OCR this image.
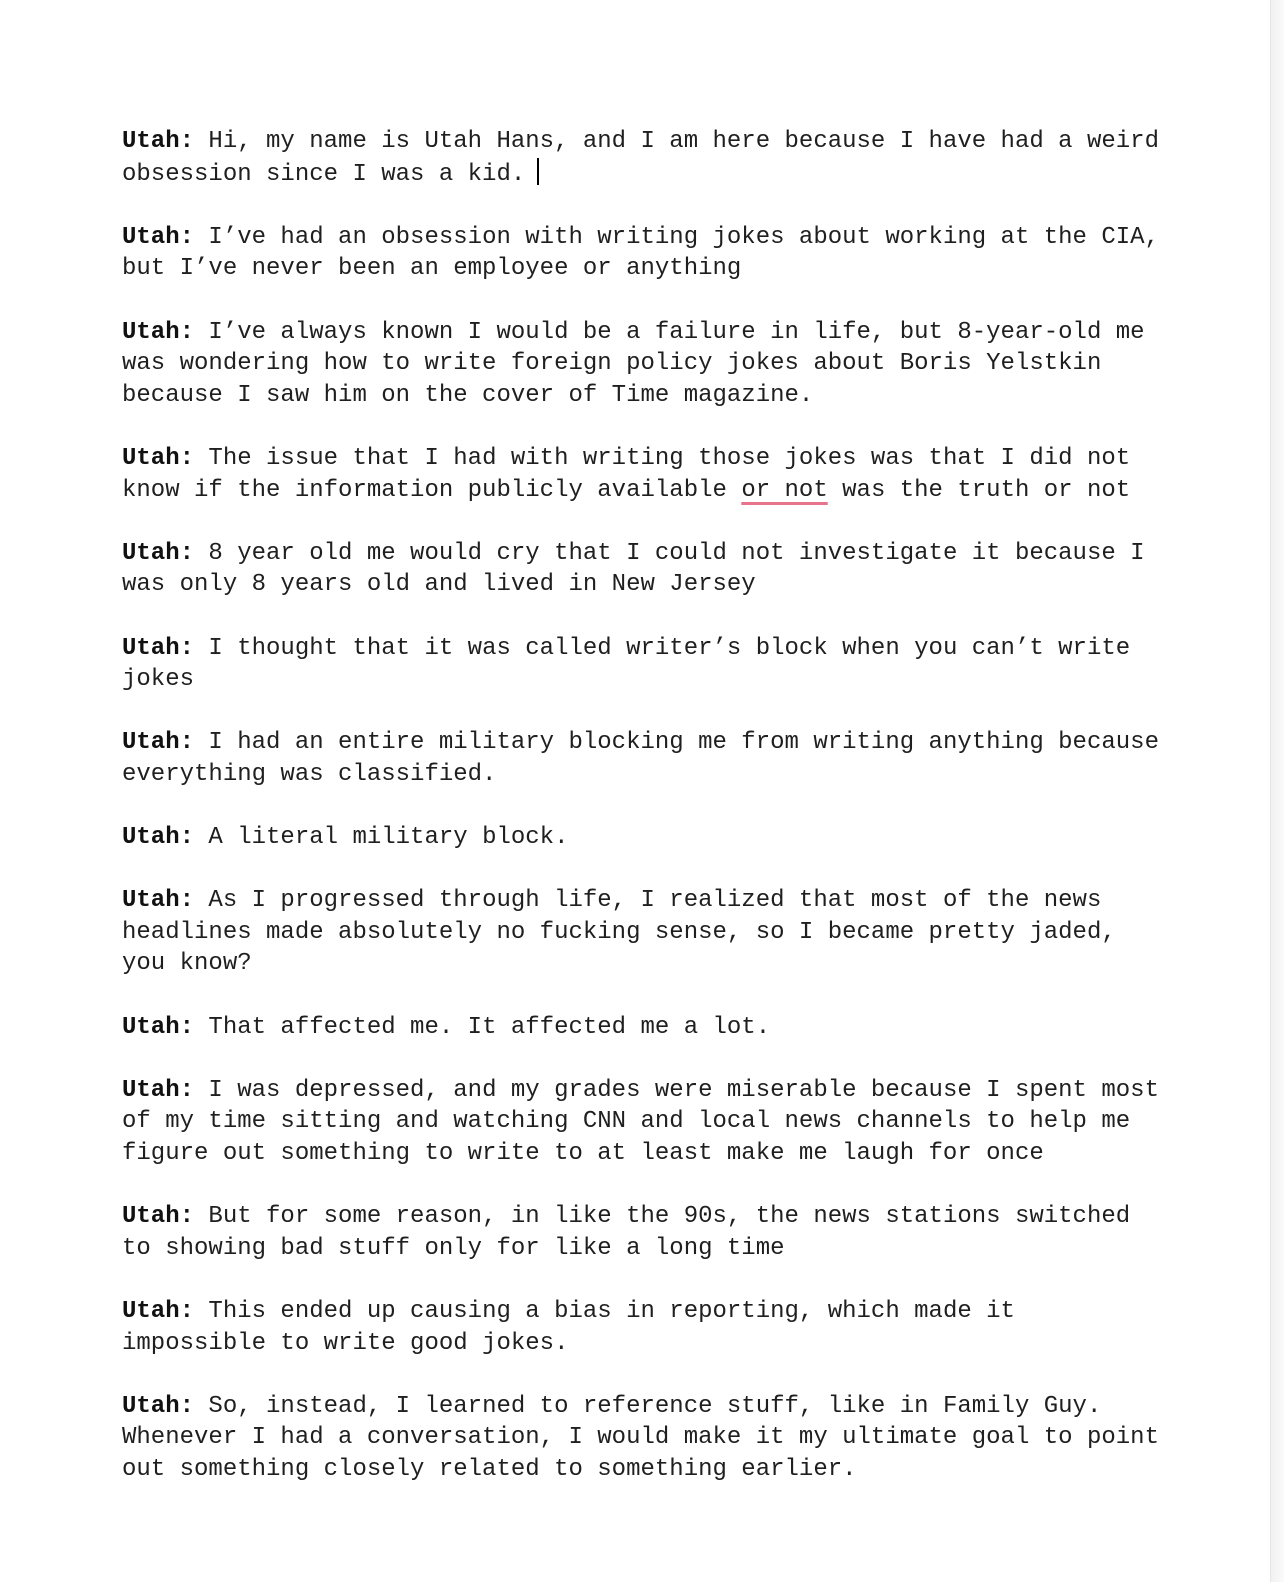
Utah: Hi, my name is Utah Hans, and I am here because I have had a weird obsession since I was a kid.

Utah: I’ve had an obsession with writing jokes about working at the CIA, but I’ve never been an employee or anything

Utah: I’ve always known I would be a failure in life, but 8-year-old me was wondering how to write foreign policy jokes about Boris Yelstkin because I saw him on the cover of Time magazine.

Utah: The issue that I had with writing those jokes was that I did not know if the information publicly available or not was the truth or not

Utah: 8 year old me would cry that I could not investigate it because I was only 8 years old and lived in New Jersey

Utah: I thought that it was called writer’s block when you can’t write jokes

Utah: I had an entire military blocking me from writing anything because everything was classified.

Utah: A literal military block.

Utah: As I progressed through life, I realized that most of the news headlines made absolutely no fucking sense, so I became pretty jaded, you know?

Utah: That affected me. It affected me a lot.

Utah: I was depressed, and my grades were miserable because I spent most of my time sitting and watching CNN and local news channels to help me figure out something to write to at least make me laugh for once

Utah: But for some reason, in like the 90s, the news stations switched to showing bad stuff only for like a long time

Utah: This ended up causing a bias in reporting, which made it impossible to write good jokes.

Utah: So, instead, I learned to reference stuff, like in Family Guy. Whenever I had a conversation, I would make it my ultimate goal to point out something closely related to something earlier.
